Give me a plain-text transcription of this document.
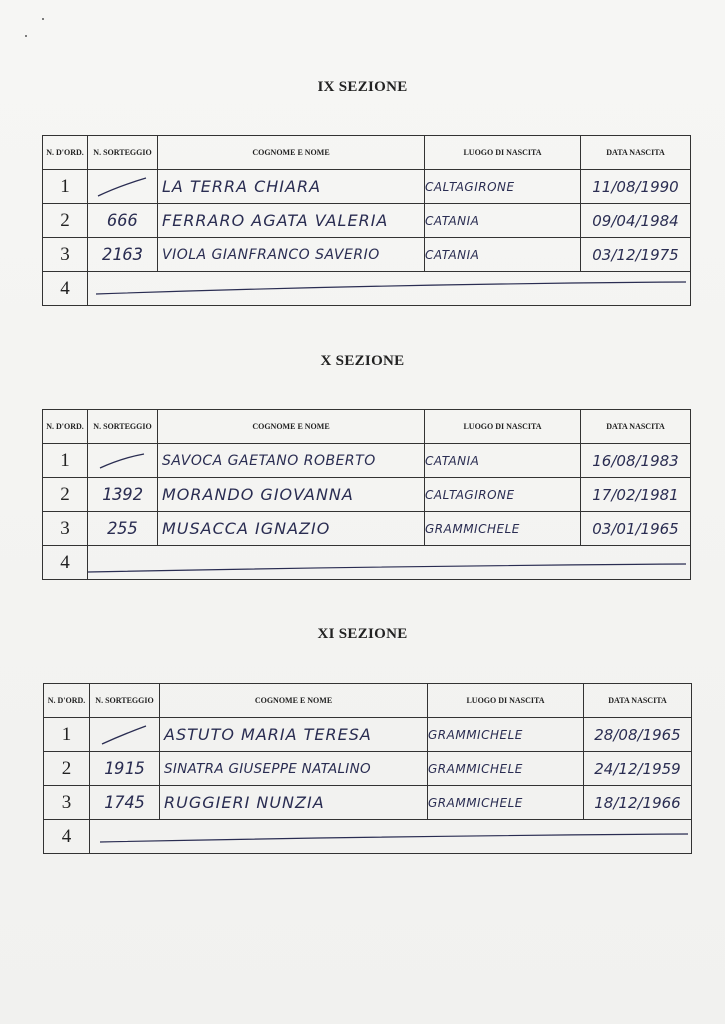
IX SEZIONE
N. D'ORD.	N. SORTEGGIO	COGNOME E NOME	LUOGO DI NASCITA	DATA NASCITA
1		LA TERRA CHIARA	CALTAGIRONE	11/08/1990
2	666	FERRARO AGATA VALERIA	CATANIA	09/04/1984
3	2163	VIOLA GIANFRANCO SAVERIO	CATANIA	03/12/1975
4	
X SEZIONE
N. D'ORD.	N. SORTEGGIO	COGNOME E NOME	LUOGO DI NASCITA	DATA NASCITA
1		SAVOCA GAETANO ROBERTO	CATANIA	16/08/1983
2	1392	MORANDO GIOVANNA	CALTAGIRONE	17/02/1981
3	255	MUSACCA IGNAZIO	GRAMMICHELE	03/01/1965
4	
XI SEZIONE
N. D'ORD.	N. SORTEGGIO	COGNOME E NOME	LUOGO DI NASCITA	DATA NASCITA
1		ASTUTO MARIA TERESA	GRAMMICHELE	28/08/1965
2	1915	SINATRA GIUSEPPE NATALINO	GRAMMICHELE	24/12/1959
3	1745	RUGGIERI NUNZIA	GRAMMICHELE	18/12/1966
4	
